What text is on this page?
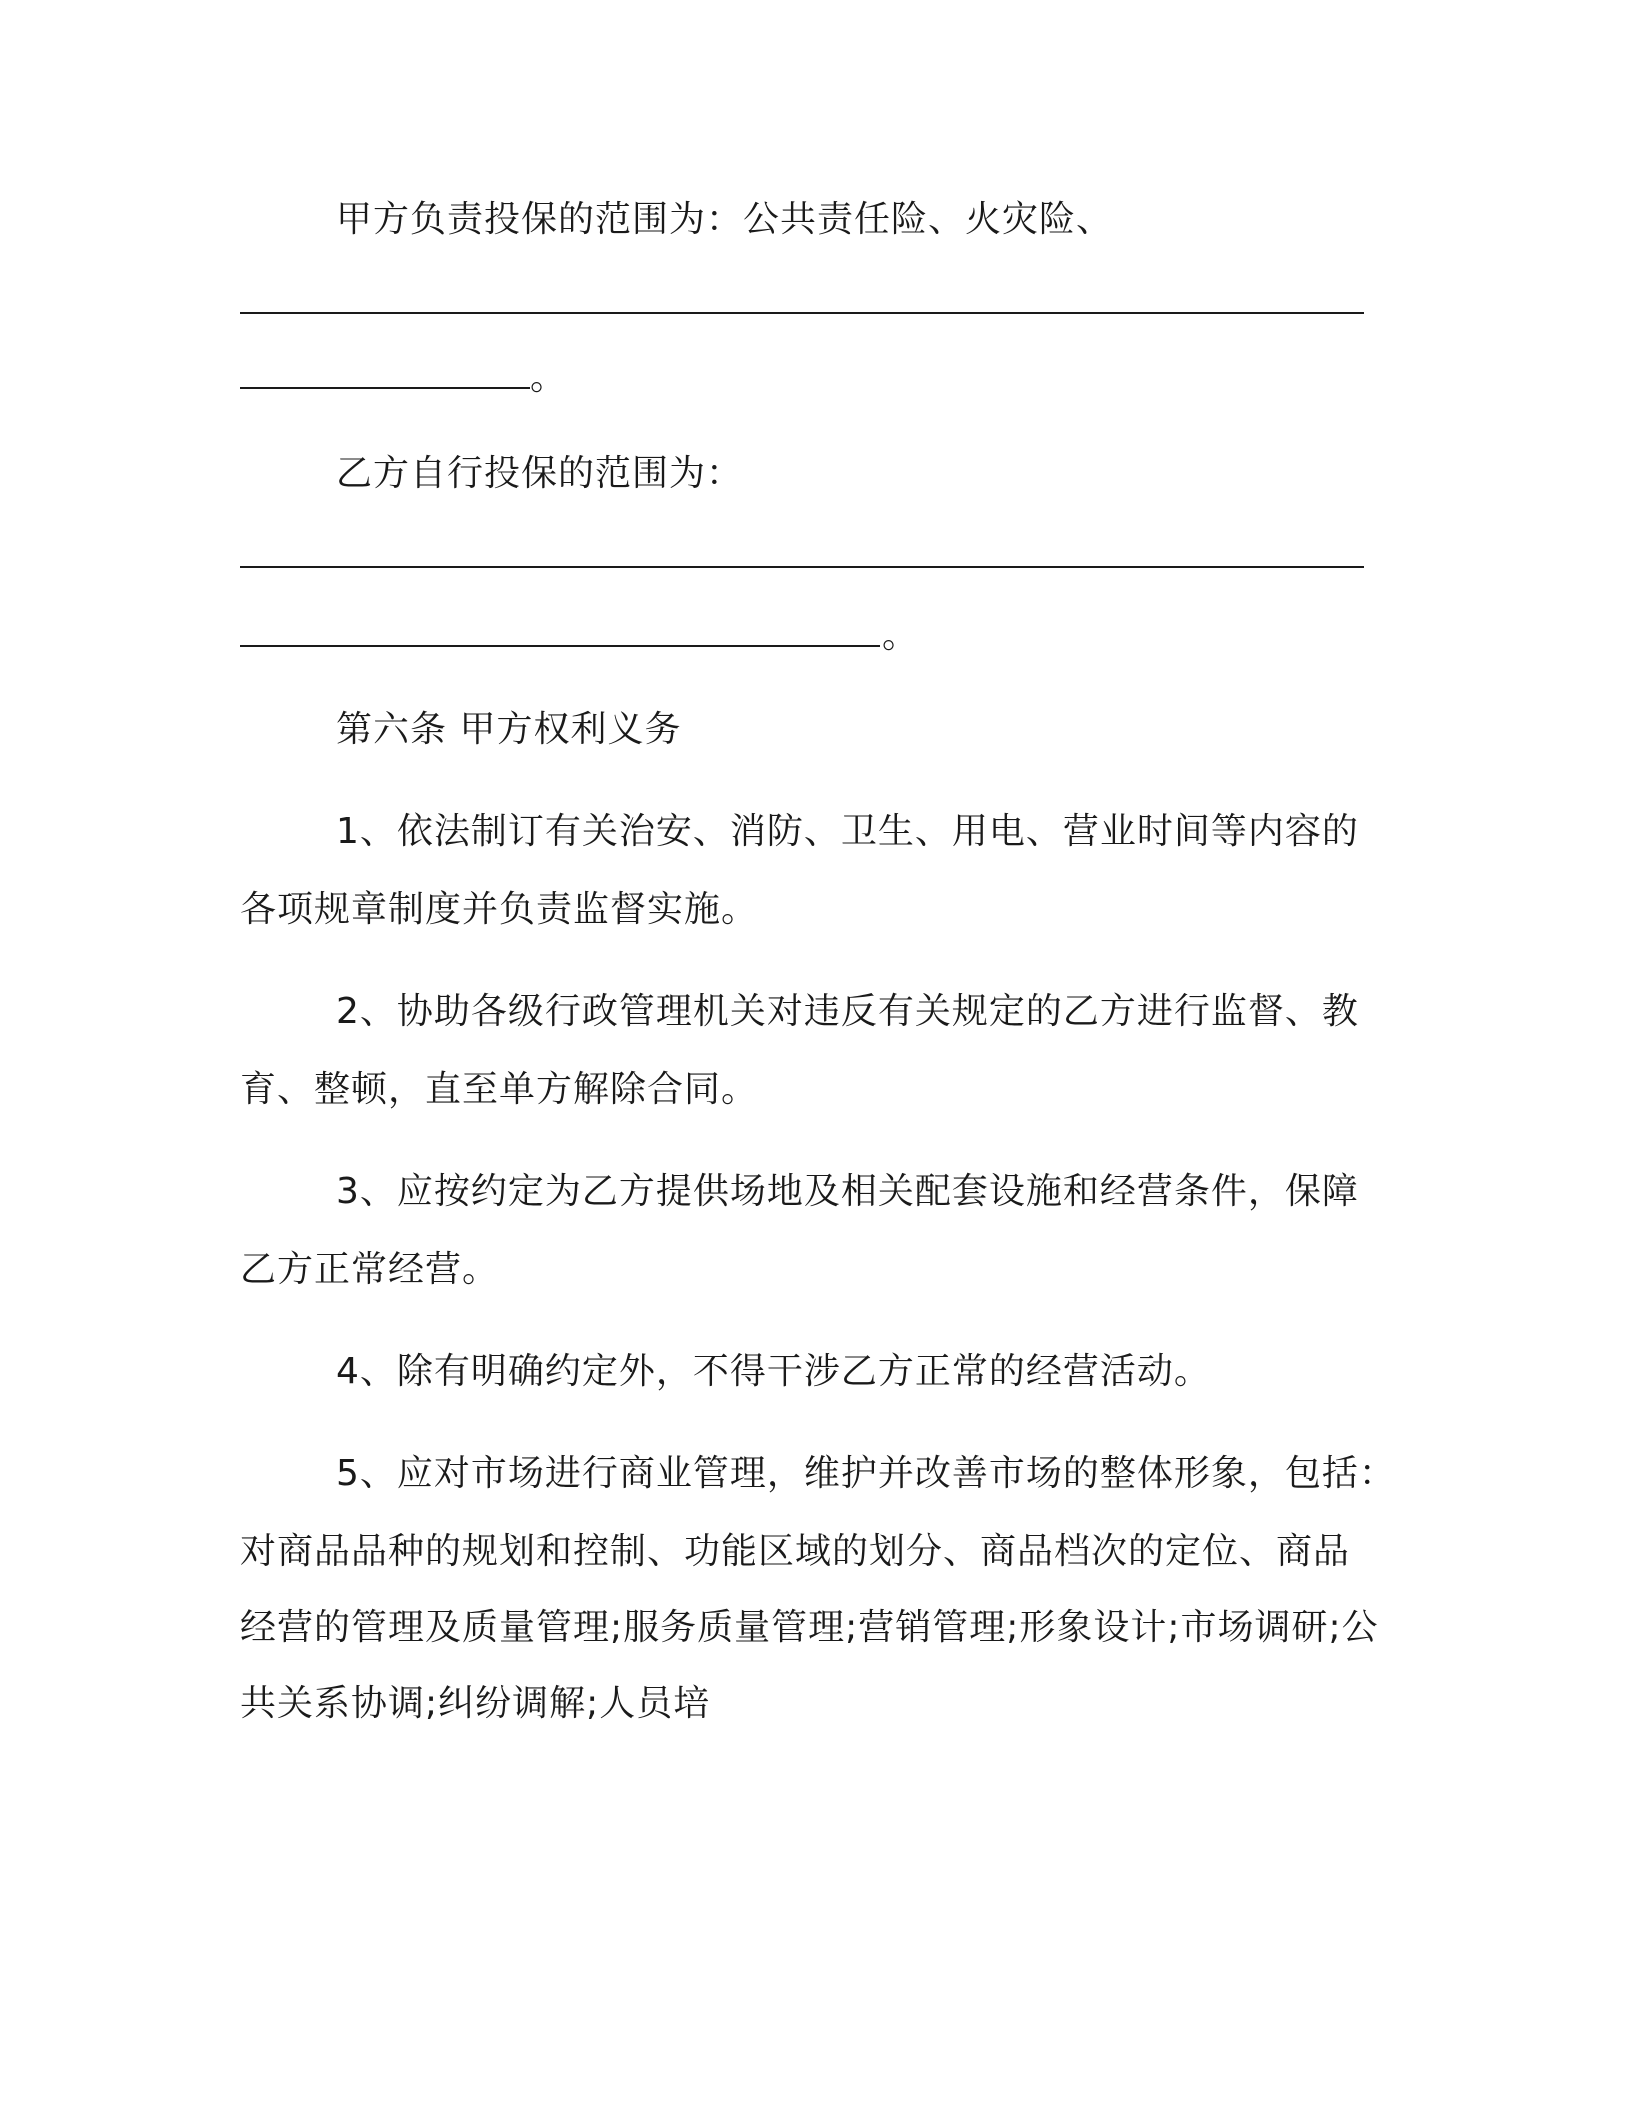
甲方负责投保的范围为：公共责任险、火灾险、
。
乙方自行投保的范围为：
。
第六条 甲方权利义务
1、依法制订有关治安、消防、卫生、用电、营业时间等内容的
各项规章制度并负责监督实施。
2、协助各级行政管理机关对违反有关规定的乙方进行监督、教
育、整顿，直至单方解除合同。
3、应按约定为乙方提供场地及相关配套设施和经营条件，保障
乙方正常经营。
4、除有明确约定外，不得干涉乙方正常的经营活动。
5、应对市场进行商业管理，维护并改善市场的整体形象，包括：
对商品品种的规划和控制、功能区域的划分、商品档次的定位、商品
经营的管理及质量管理;服务质量管理;营销管理;形象设计;市场调研;公
共关系协调;纠纷调解;人员培
